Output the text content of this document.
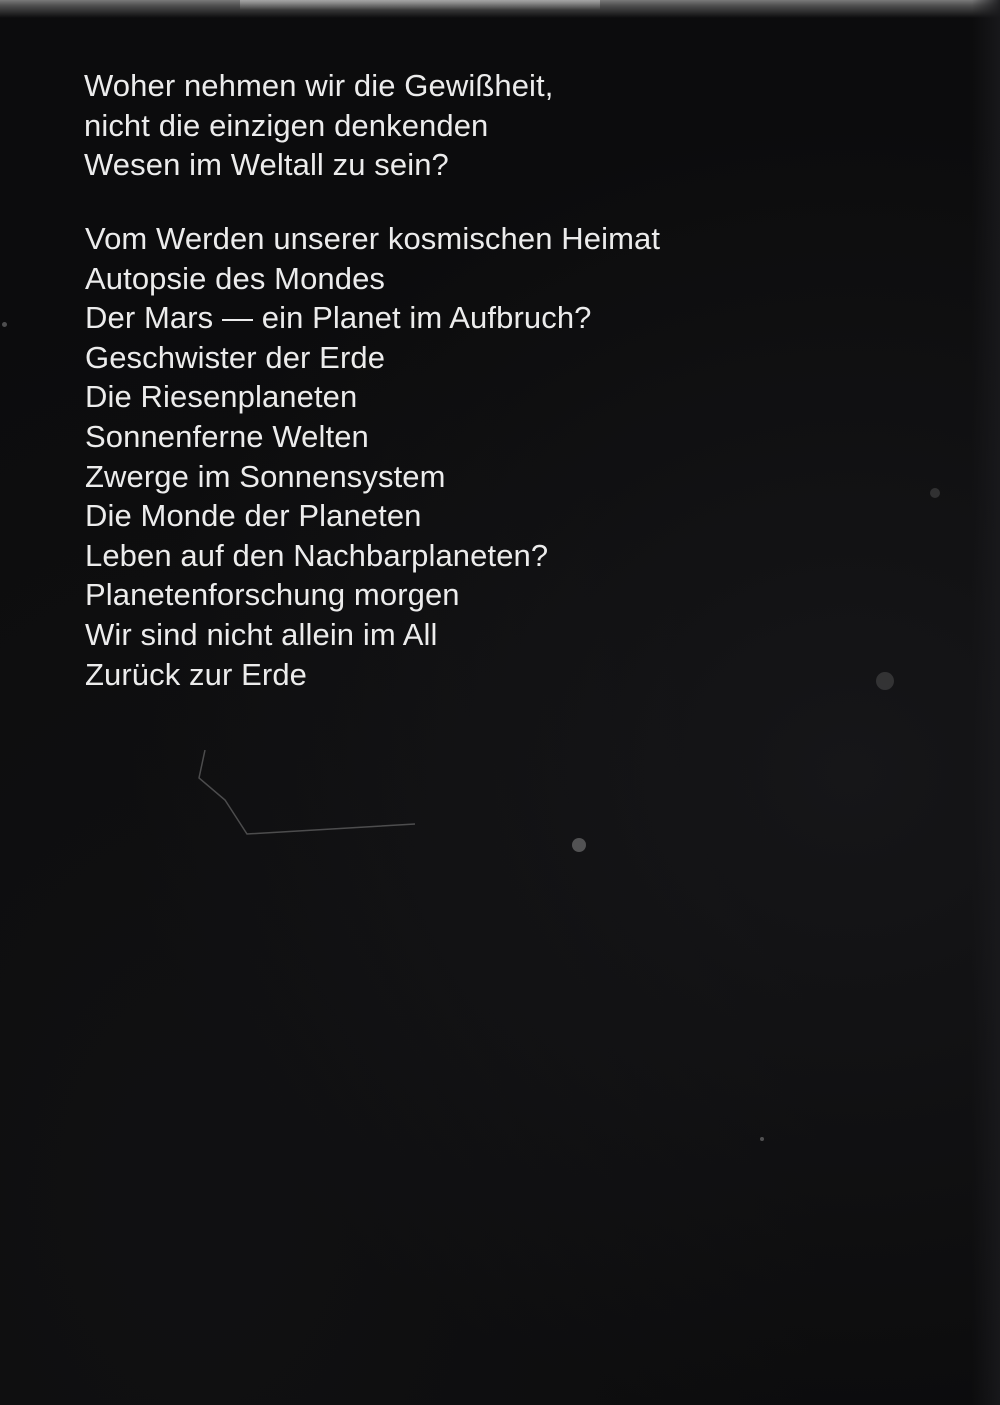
Woher nehmen wir die Gewißheit,
nicht die einzigen denkenden
Wesen im Weltall zu sein?

Vom Werden unserer kosmischen Heimat
Autopsie des Mondes
Der Mars — ein Planet im Aufbruch?
Geschwister der Erde
Die Riesenplaneten
Sonnenferne Welten
Zwerge im Sonnensystem
Die Monde der Planeten
Leben auf den Nachbarplaneten?
Planetenforschung morgen
Wir sind nicht allein im All
Zurück zur Erde
